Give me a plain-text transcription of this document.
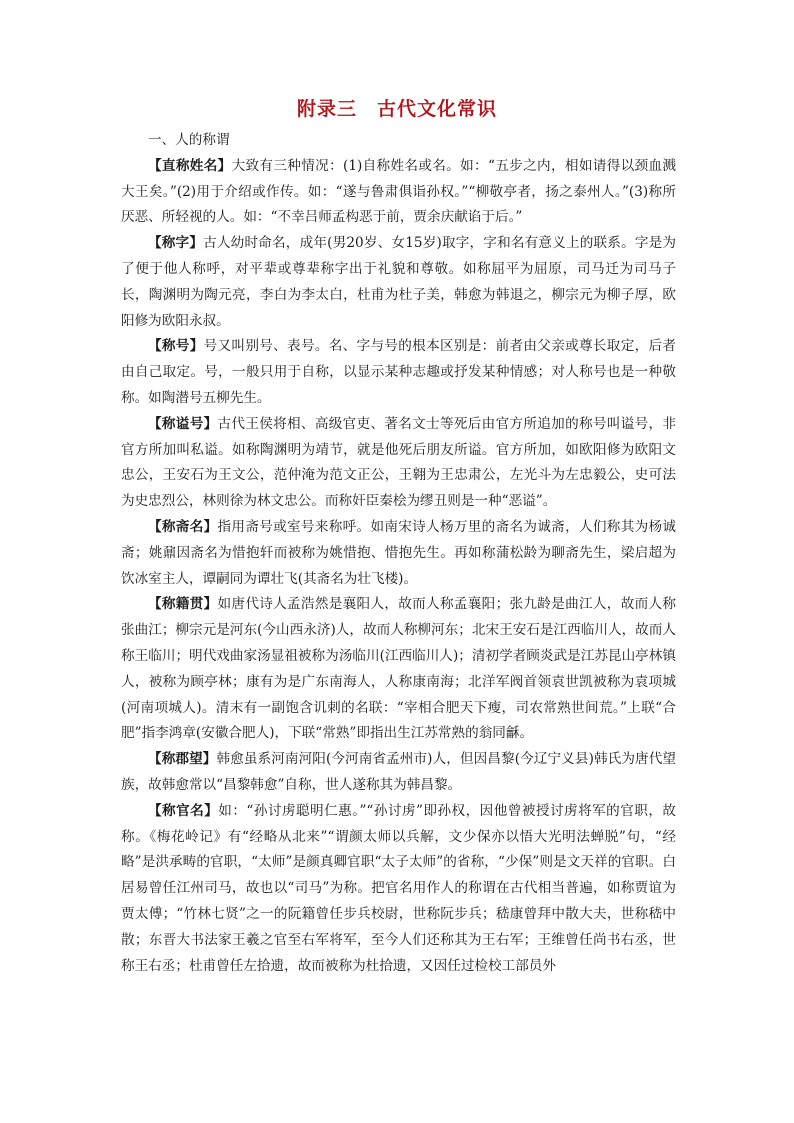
附录三　古代文化常识

一、人的称谓

【直称姓名】大致有三种情况：(1)自称姓名或名。如：“五步之内，相如请得以颈血溅大王矣。”(2)用于介绍或作传。如：“遂与鲁肃俱诣孙权。”“柳敬亭者，扬之泰州人。”(3)称所厌恶、所轻视的人。如：“不幸吕师孟构恶于前，贾余庆献谄于后。”

【称字】古人幼时命名，成年(男20岁、女15岁)取字，字和名有意义上的联系。字是为了便于他人称呼，对平辈或尊辈称字出于礼貌和尊敬。如称屈平为屈原，司马迁为司马子长，陶渊明为陶元亮，李白为李太白，杜甫为杜子美，韩愈为韩退之，柳宗元为柳子厚，欧阳修为欧阳永叔。

【称号】号又叫别号、表号。名、字与号的根本区别是：前者由父亲或尊长取定，后者由自己取定。号，一般只用于自称，以显示某种志趣或抒发某种情感；对人称号也是一种敬称。如陶潜号五柳先生。

【称谥号】古代王侯将相、高级官吏、著名文士等死后由官方所追加的称号叫谥号，非官方所加叫私谥。如称陶渊明为靖节，就是他死后朋友所谥。官方所加，如欧阳修为欧阳文忠公，王安石为王文公，范仲淹为范文正公，王翱为王忠肃公，左光斗为左忠毅公，史可法为史忠烈公，林则徐为林文忠公。而称奸臣秦桧为缪丑则是一种“恶谥”。

【称斋名】指用斋号或室号来称呼。如南宋诗人杨万里的斋名为诚斋，人们称其为杨诚斋；姚鼐因斋名为惜抱轩而被称为姚惜抱、惜抱先生。再如称蒲松龄为聊斋先生，梁启超为饮冰室主人，谭嗣同为谭壮飞(其斋名为壮飞楼)。

【称籍贯】如唐代诗人孟浩然是襄阳人，故而人称孟襄阳；张九龄是曲江人，故而人称张曲江；柳宗元是河东(今山西永济)人，故而人称柳河东；北宋王安石是江西临川人，故而人称王临川；明代戏曲家汤显祖被称为汤临川(江西临川人)；清初学者顾炎武是江苏昆山亭林镇人，被称为顾亭林；康有为是广东南海人，人称康南海；北洋军阀首领袁世凯被称为袁项城(河南项城人)。清末有一副饱含讥刺的名联：“宰相合肥天下瘦，司农常熟世间荒。”上联“合肥”指李鸿章(安徽合肥人)，下联“常熟”即指出生江苏常熟的翁同龢。

【称郡望】韩愈虽系河南河阳(今河南省孟州市)人，但因昌黎(今辽宁义县)韩氏为唐代望族，故韩愈常以“昌黎韩愈”自称，世人遂称其为韩昌黎。

【称官名】如：“孙讨虏聪明仁惠。”“孙讨虏”即孙权，因他曾被授讨虏将军的官职，故称。《梅花岭记》有“经略从北来”“谓颜太师以兵解，文少保亦以悟大光明法蝉脱”句，“经略”是洪承畴的官职，“太师”是颜真卿官职“太子太师”的省称，“少保”则是文天祥的官职。白居易曾任江州司马，故也以“司马”为称。把官名用作人的称谓在古代相当普遍，如称贾谊为贾太傅；“竹林七贤”之一的阮籍曾任步兵校尉，世称阮步兵；嵇康曾拜中散大夫，世称嵇中散；东晋大书法家王羲之官至右军将军，至今人们还称其为王右军；王维曾任尚书右丞，世称王右丞；杜甫曾任左拾遗，故而被称为杜拾遗，又因任过检校工部员外
